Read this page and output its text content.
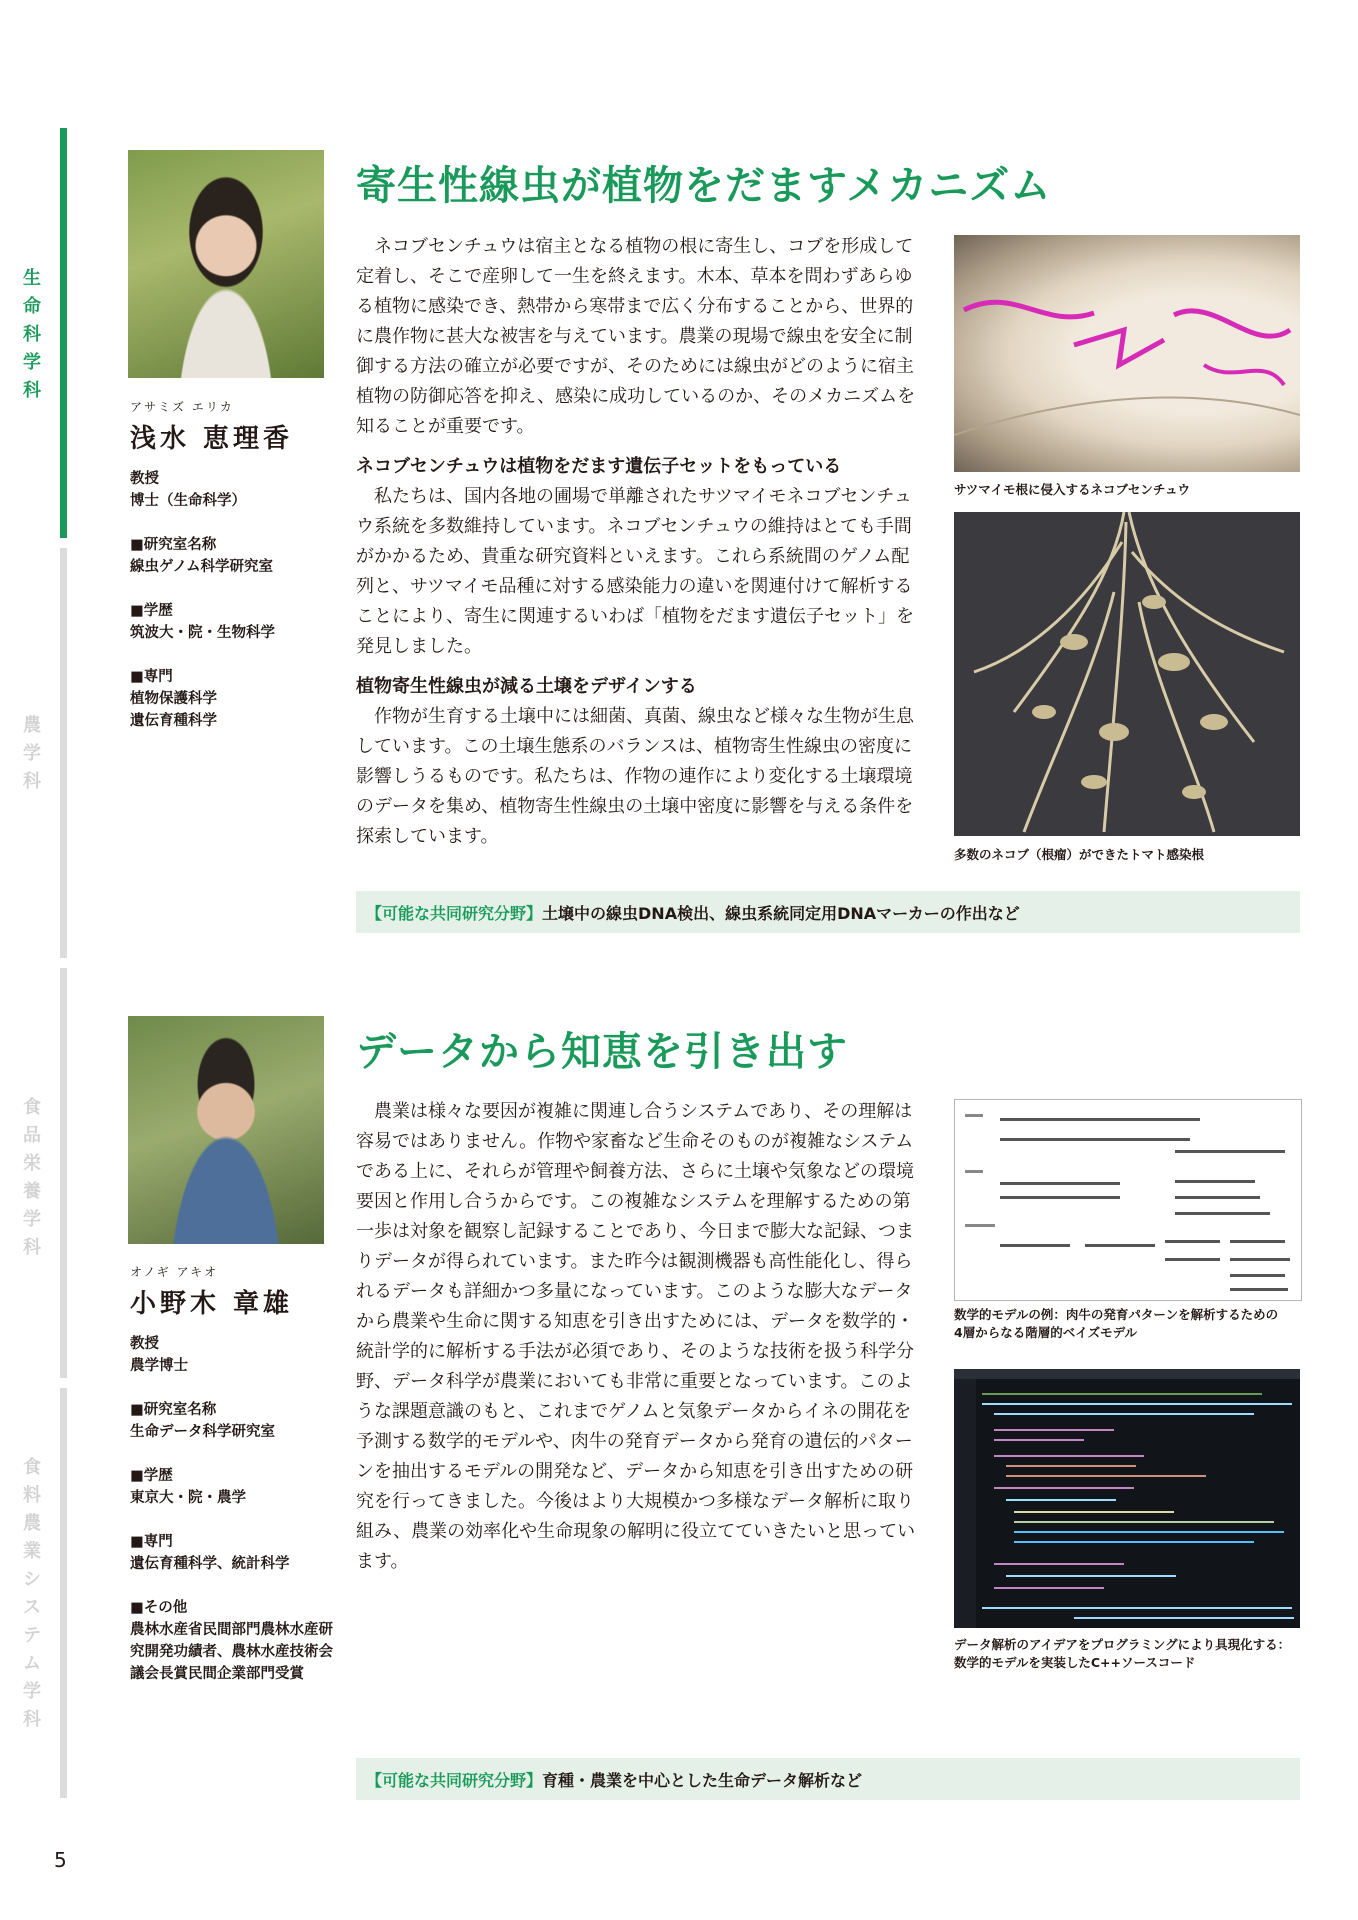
生命科学科
農学科
食品栄養学科
食料農業システム学科
アサミズ エリカ
浅水 恵理香
教授
博士（生命科学）
■研究室名称
線虫ゲノム科学研究室
■学歴
筑波大・院・生物科学
■専門
植物保護科学
遺伝育種科学
寄生性線虫が植物をだますメカニズム

ネコブセンチュウは宿主となる植物の根に寄生し、コブを形成して定着し、そこで産卵して一生を終えます。木本、草本を問わずあらゆる植物に感染でき、熱帯から寒帯まで広く分布することから、世界的に農作物に甚大な被害を与えています。農業の現場で線虫を安全に制御する方法の確立が必要ですが、そのためには線虫がどのように宿主植物の防御応答を抑え、感染に成功しているのか、そのメカニズムを知ることが重要です。

ネコブセンチュウは植物をだます遺伝子セットをもっている

私たちは、国内各地の圃場で単離されたサツマイモネコブセンチュウ系統を多数維持しています。ネコブセンチュウの維持はとても手間がかかるため、貴重な研究資料といえます。これら系統間のゲノム配列と、サツマイモ品種に対する感染能力の違いを関連付けて解析することにより、寄生に関連するいわば「植物をだます遺伝子セット」を発見しました。

植物寄生性線虫が減る土壌をデザインする

作物が生育する土壌中には細菌、真菌、線虫など様々な生物が生息しています。この土壌生態系のバランスは、植物寄生性線虫の密度に影響しうるものです。私たちは、作物の連作により変化する土壌環境のデータを集め、植物寄生性線虫の土壌中密度に影響を与える条件を探索しています。

サツマイモ根に侵入するネコブセンチュウ
多数のネコブ（根瘤）ができたトマト感染根
【可能な共同研究分野】 土壌中の線虫DNA検出、線虫系統同定用DNAマーカーの作出など
オノギ アキオ
小野木 章雄
教授
農学博士
■研究室名称
生命データ科学研究室
■学歴
東京大・院・農学
■専門
遺伝育種科学、統計科学
■その他
農林水産省民間部門農林水産研究開発功績者、農林水産技術会議会長賞民間企業部門受賞
データから知恵を引き出す

農業は様々な要因が複雑に関連し合うシステムであり、その理解は容易ではありません。作物や家畜など生命そのものが複雑なシステムである上に、それらが管理や飼養方法、さらに土壌や気象などの環境要因と作用し合うからです。この複雑なシステムを理解するための第一歩は対象を観察し記録することであり、今日まで膨大な記録、つまりデータが得られています。また昨今は観測機器も高性能化し、得られるデータも詳細かつ多量になっています。このような膨大なデータから農業や生命に関する知恵を引き出すためには、データを数学的・統計学的に解析する手法が必須であり、そのような技術を扱う科学分野、データ科学が農業においても非常に重要となっています。このような課題意識のもと、これまでゲノムと気象データからイネの開花を予測する数学的モデルや、肉牛の発育データから発育の遺伝的パターンを抽出するモデルの開発など、データから知恵を引き出すための研究を行ってきました。今後はより大規模かつ多様なデータ解析に取り組み、農業の効率化や生命現象の解明に役立てていきたいと思っています。

数学的モデルの例：肉牛の発育パターンを解析するための
4層からなる階層的ベイズモデル
データ解析のアイデアをプログラミングにより具現化する：
数学的モデルを実装したC++ソースコード
【可能な共同研究分野】 育種・農業を中心とした生命データ解析など
5
